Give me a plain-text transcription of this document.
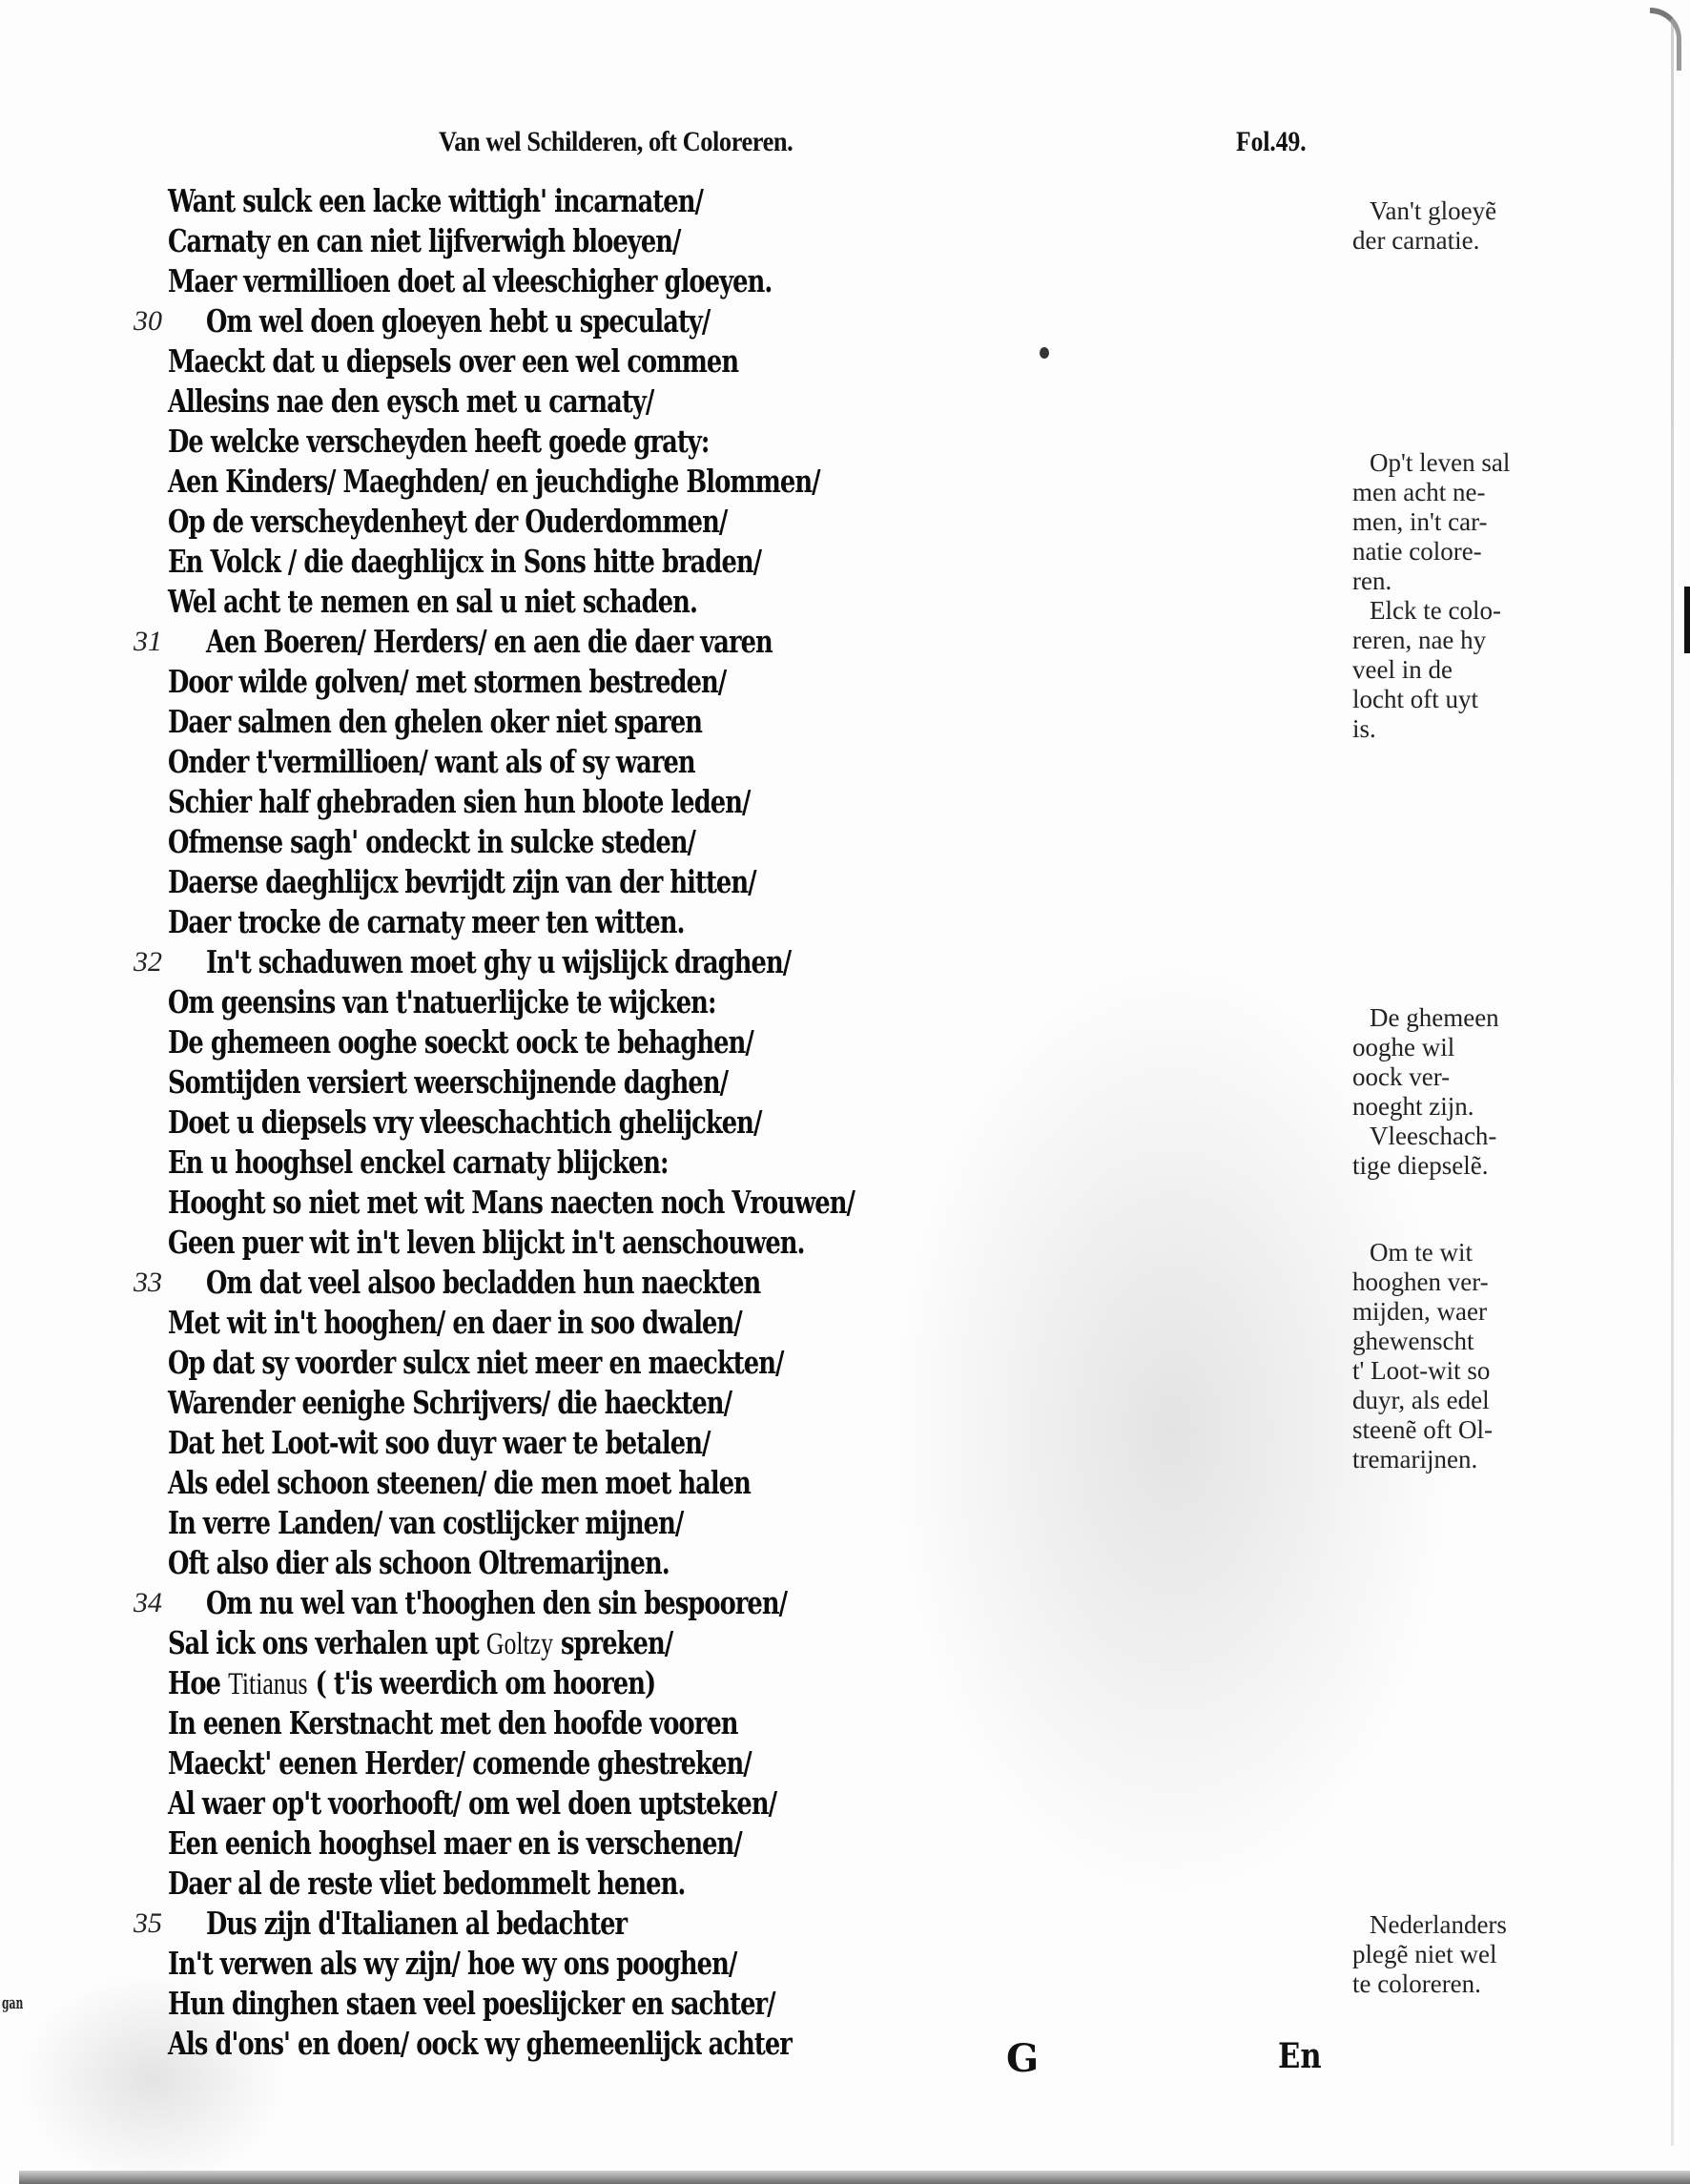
gan
Van wel Schilderen, oft Coloreren.	Fol.49.
Want sulck een lacke wittigh' incarnaten/
Carnaty en can niet lijfverwigh bloeyen/
Maer vermillioen doet al vleeschigher gloeyen.
30 Om wel doen gloeyen hebt u speculaty/
Maeckt dat u diepsels over een wel commen
Allesins nae den eysch met u carnaty/
De welcke verscheyden heeft goede graty:
Aen Kinders/ Maeghden/ en jeuchdighe Blommen/
Op de verscheydenheyt der Ouderdommen/
En Volck / die daeghlijcx in Sons hitte braden/
Wel acht te nemen en sal u niet schaden.
31 Aen Boeren/ Herders/ en aen die daer varen
Door wilde golven/ met stormen bestreden/
Daer salmen den ghelen oker niet sparen
Onder t'vermillioen/ want als of sy waren
Schier half ghebraden sien hun bloote leden/
Ofmense sagh' ondeckt in sulcke steden/
Daerse daeghlijcx bevrijdt zijn van der hitten/
Daer trocke de carnaty meer ten witten.
32 In't schaduwen moet ghy u wijslijck draghen/
Om geensins van t'natuerlijcke te wijcken:
De ghemeen ooghe soeckt oock te behaghen/
Somtijden versiert weerschijnende daghen/
Doet u diepsels vry vleeschachtich ghelijcken/
En u hooghsel enckel carnaty blijcken:
Hooght so niet met wit Mans naecten noch Vrouwen/
Geen puer wit in't leven blijckt in't aenschouwen.
33 Om dat veel alsoo becladden hun naeckten
Met wit in't hooghen/ en daer in soo dwalen/
Op dat sy voorder sulcx niet meer en maeckten/
Warender eenighe Schrijvers/ die haeckten/
Dat het Loot-wit soo duyr waer te betalen/
Als edel schoon steenen/ die men moet halen
In verre Landen/ van costlijcker mijnen/
Oft also dier als schoon Oltremarijnen.
34 Om nu wel van t'hooghen den sin bespooren/
Sal ick ons verhalen upt Goltzy spreken/
Hoe Titianus ( t'is weerdich om hooren)
In eenen Kerstnacht met den hoofde vooren
Maeckt' eenen Herder/ comende ghestreken/
Al waer op't voorhooft/ om wel doen uptsteken/
Een eenich hooghsel maer en is verschenen/
Daer al de reste vliet bedommelt henen.
35 Dus zijn d'Italianen al bedachter
In't verwen als wy zijn/ hoe wy ons pooghen/
Hun dinghen staen veel poeslijcker en sachter/
Als d'ons' en doen/ oock wy ghemeenlijck achter
Van't gloeyẽ
der carnatie.
Op't leven sal
men acht ne-
men, in't car-
natie colore-
ren.
Elck te colo-
reren, nae hy
veel in de
locht oft uyt
is.
De ghemeen
ooghe wil
oock ver-
noeght zijn.
Vleeschach-
tige diepselẽ.
Om te wit
hooghen ver-
mijden, waer
ghewenscht
t' Loot-wit so
duyr, als edel
steenẽ oft Ol-
tremarijnen.
Nederlanders
plegẽ niet wel
te coloreren.
G	En
